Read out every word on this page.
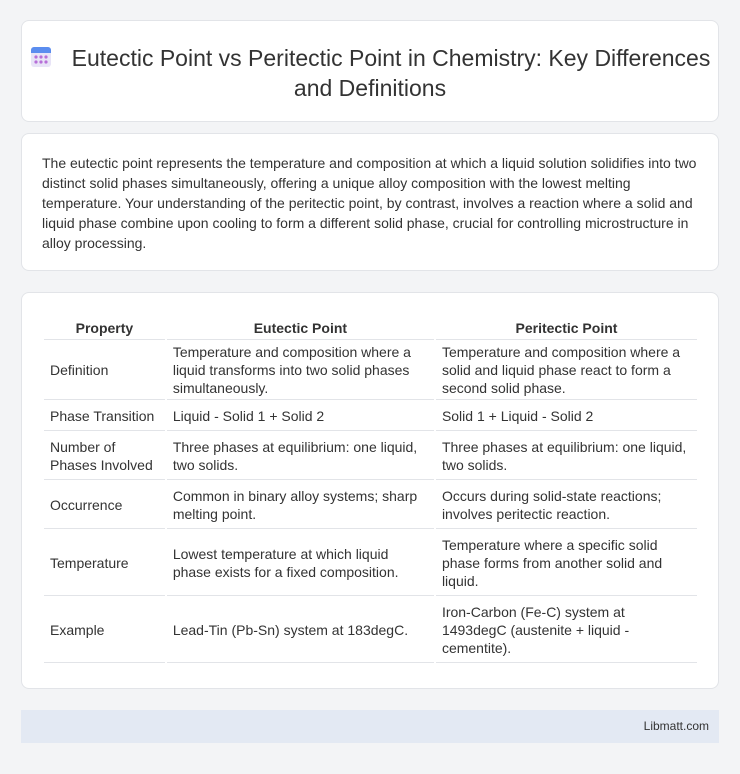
Eutectic Point vs Peritectic Point in Chemistry: Key Differences and Definitions
The eutectic point represents the temperature and composition at which a liquid solution solidifies into two distinct solid phases simultaneously, offering a unique alloy composition with the lowest melting temperature. Your understanding of the peritectic point, by contrast, involves a reaction where a solid and liquid phase combine upon cooling to form a different solid phase, crucial for controlling microstructure in alloy processing.
Property	Eutectic Point	Peritectic Point
Definition	Temperature and composition where a liquid transforms into two solid phases simultaneously.	Temperature and composition where a solid and liquid phase react to form a second solid phase.
Phase Transition	Liquid - Solid 1 + Solid 2	Solid 1 + Liquid - Solid 2
Number of Phases Involved	Three phases at equilibrium: one liquid, two solids.	Three phases at equilibrium: one liquid, two solids.
Occurrence	Common in binary alloy systems; sharp melting point.	Occurs during solid-state reactions; involves peritectic reaction.
Temperature	Lowest temperature at which liquid phase exists for a fixed composition.	Temperature where a specific solid phase forms from another solid and liquid.
Example	Lead-Tin (Pb-Sn) system at 183degC.	Iron-Carbon (Fe-C) system at 1493degC (austenite + liquid - cementite).
Libmatt.com
